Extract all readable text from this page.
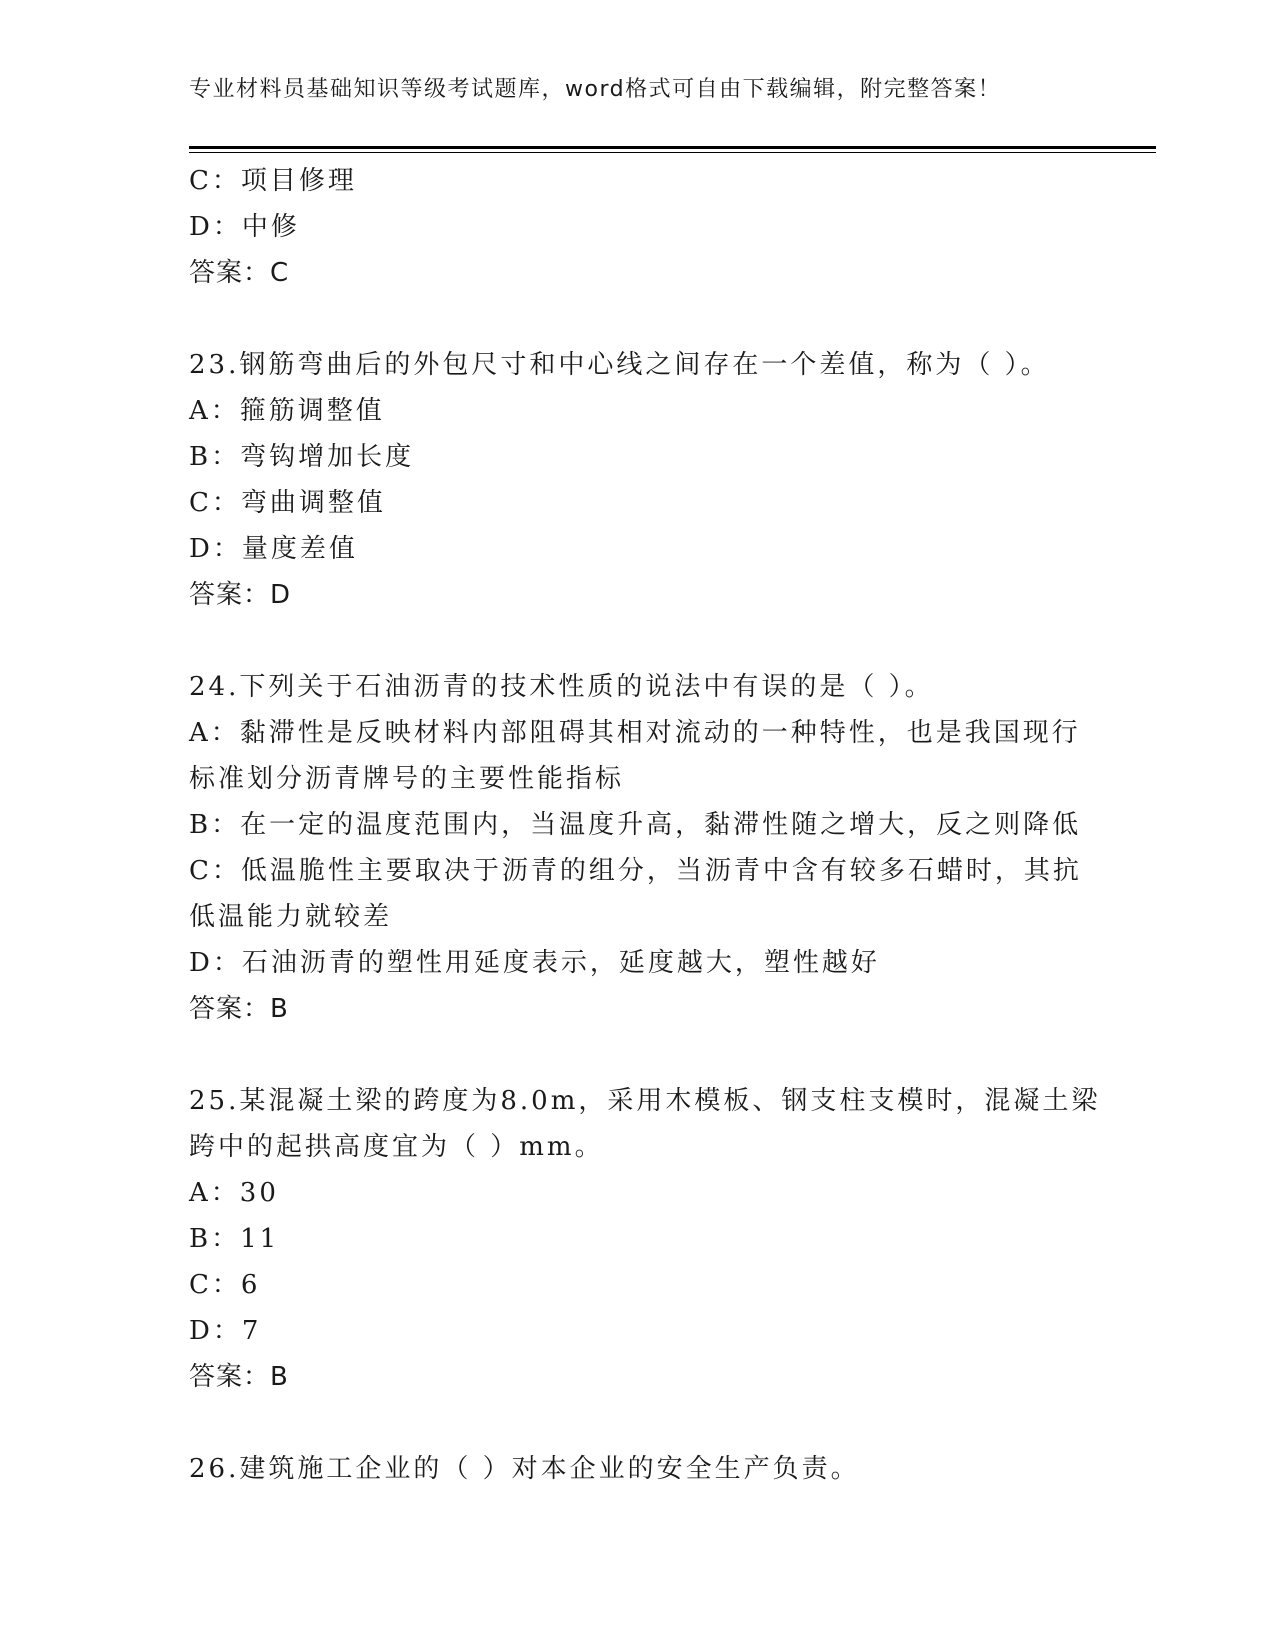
专业材料员基础知识等级考试题库，word格式可自由下载编辑，附完整答案！
C：项目修理
D：中修
答案：C
23.钢筋弯曲后的外包尺寸和中心线之间存在一个差值，称为（ ）。
A：箍筋调整值
B：弯钩增加长度
C：弯曲调整值
D：量度差值
答案：D
24.下列关于石油沥青的技术性质的说法中有误的是（ ）。
A：黏滞性是反映材料内部阻碍其相对流动的一种特性，也是我国现行
标准划分沥青牌号的主要性能指标
B：在一定的温度范围内，当温度升高，黏滞性随之增大，反之则降低
C：低温脆性主要取决于沥青的组分，当沥青中含有较多石蜡时，其抗
低温能力就较差
D：石油沥青的塑性用延度表示，延度越大，塑性越好
答案：B
25.某混凝土梁的跨度为8.0m，采用木模板、钢支柱支模时，混凝土梁
跨中的起拱高度宜为（ ）mm。
A：30
B：11
C：6
D：7
答案：B
26.建筑施工企业的（ ）对本企业的安全生产负责。
